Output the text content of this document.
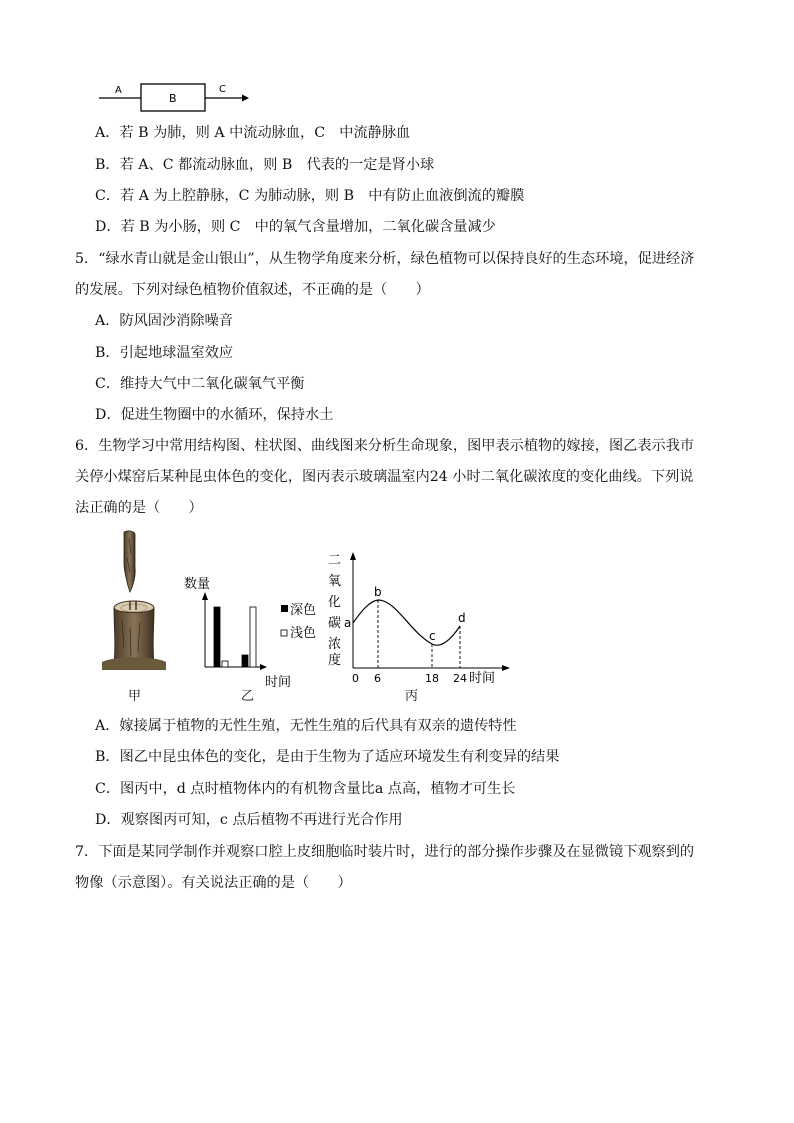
A
B
C
A．若 B 为肺，则 A 中流动脉血，C　中流静脉血
B．若 A、C 都流动脉血，则 B　代表的一定是肾小球
C．若 A 为上腔静脉，C 为肺动脉，则 B　中有防止血液倒流的瓣膜
D．若 B 为小肠，则 C　中的氧气含量增加，二氧化碳含量减少
5．“绿水青山就是金山银山”，从生物学角度来分析，绿色植物可以保持良好的生态环境，促进经济
的发展。下列对绿色植物价值叙述，不正确的是（　　）
A．防风固沙消除噪音
B．引起地球温室效应
C．维持大气中二氧化碳氧气平衡
D．促进生物圈中的水循环，保持水土
6．生物学习中常用结构图、柱状图、曲线图来分析生命现象，图甲表示植物的嫁接，图乙表示我市
关停小煤窑后某种昆虫体色的变化，图丙表示玻璃温室内24 小时二氧化碳浓度的变化曲线。下列说
法正确的是（　　）
甲
数量
时间
深色
浅色
乙
二
氧
化
碳
浓
度
a
b
c
d
0 6	18 24 时间
丙
A．嫁接属于植物的无性生殖，无性生殖的后代具有双亲的遗传特性
B．图乙中昆虫体色的变化，是由于生物为了适应环境发生有利变异的结果
C．图丙中，d 点时植物体内的有机物含量比a 点高，植物才可生长
D．观察图丙可知，c 点后植物不再进行光合作用
7．下面是某同学制作并观察口腔上皮细胞临时装片时，进行的部分操作步骤及在显微镜下观察到的
物像（示意图）。有关说法正确的是（　　）
